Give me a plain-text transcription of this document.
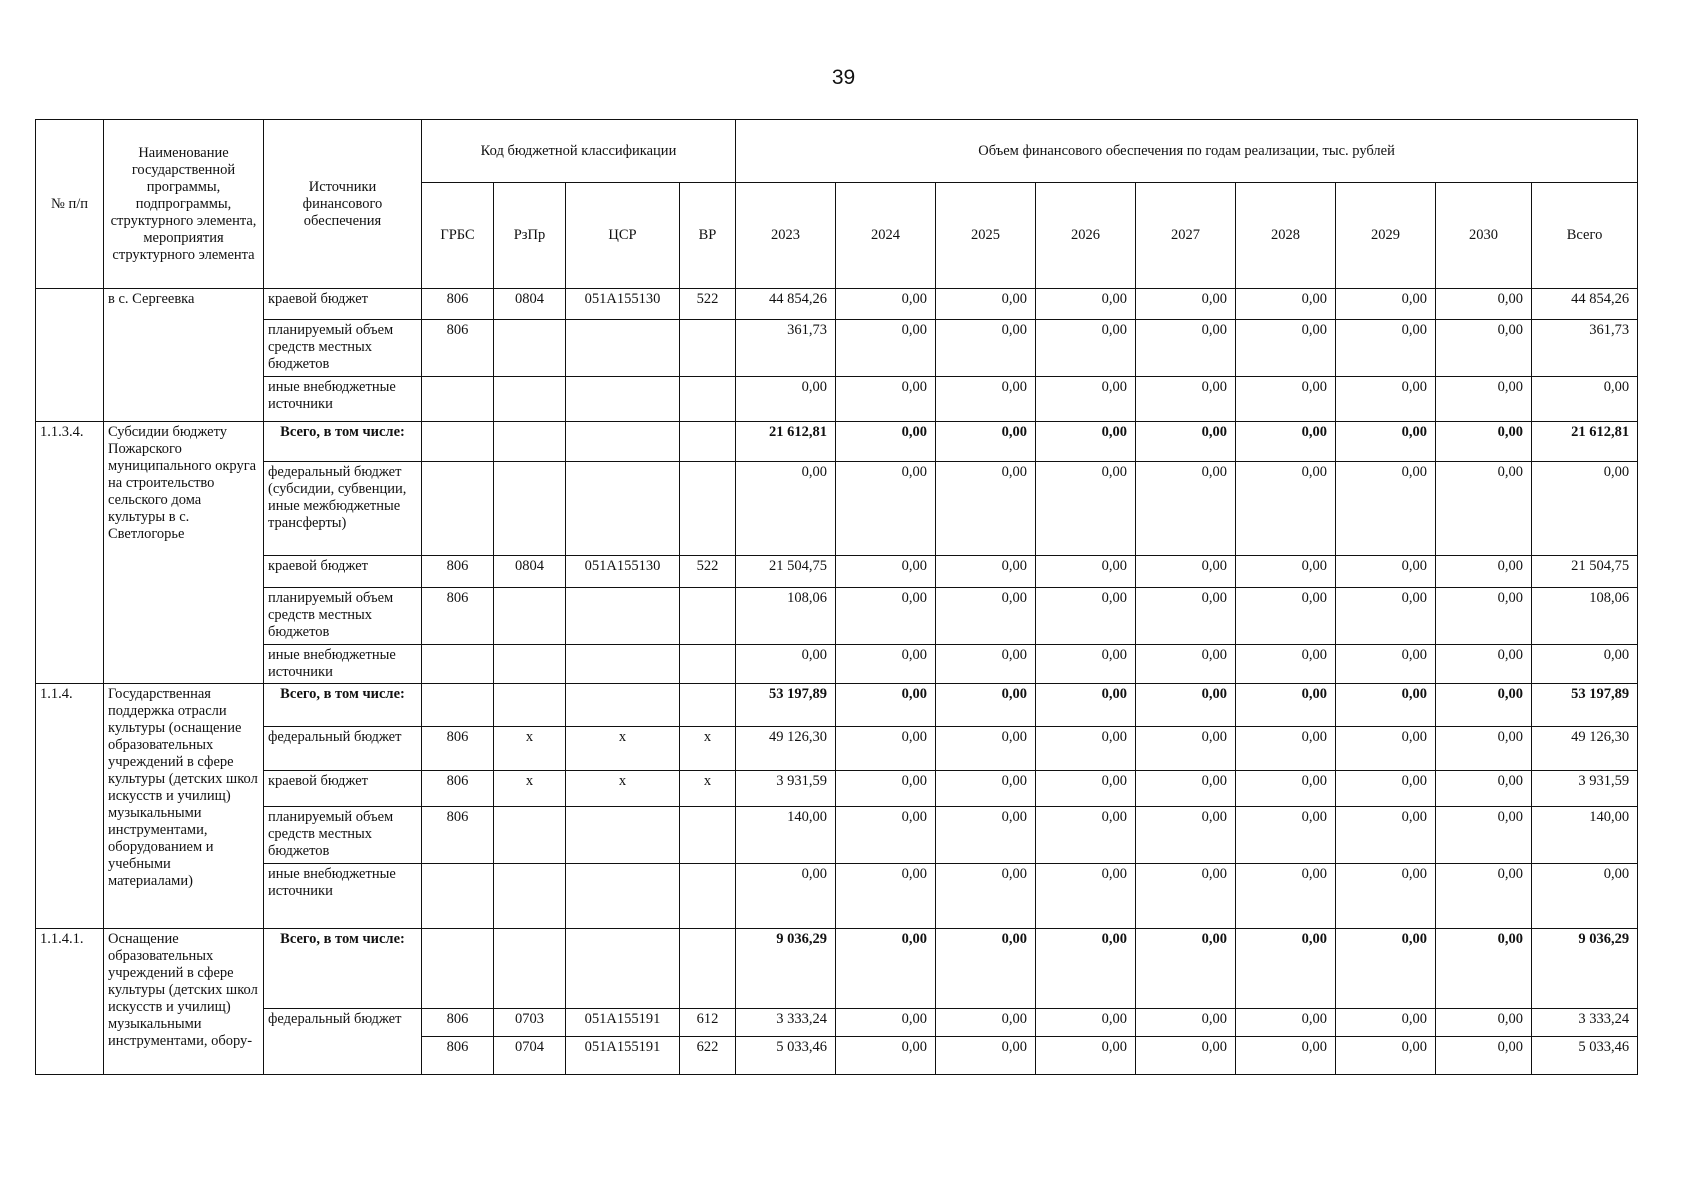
39
№ п/п	Наименование государственной программы, подпрограммы, структурного элемента, мероприятия структурного элемента	Источники финансового обеспечения	Код бюджетной классификации				Объем финансового обеспечения по годам реализации, тыс. рублей								
			ГРБС	РзПр	ЦСР	ВР	2023	2024	2025	2026	2027	2028	2029	2030	Всего
	в с. Сергеевка	краевой бюджет	806	0804	051A155130	522	44 854,26	0,00	0,00	0,00	0,00	0,00	0,00	0,00	44 854,26
		планируемый объем средств местных бюджетов	806				361,73	0,00	0,00	0,00	0,00	0,00	0,00	0,00	361,73
		иные внебюджетные источники					0,00	0,00	0,00	0,00	0,00	0,00	0,00	0,00	0,00
1.1.3.4.	Субсидии бюджету Пожарского муниципального округа на строительство сельского дома культуры в с. Светлогорье	Всего, в том числе:					21 612,81	0,00	0,00	0,00	0,00	0,00	0,00	0,00	21 612,81
		федеральный бюджет (субсидии, субвенции, иные межбюджетные трансферты)					0,00	0,00	0,00	0,00	0,00	0,00	0,00	0,00	0,00
		краевой бюджет	806	0804	051A155130	522	21 504,75	0,00	0,00	0,00	0,00	0,00	0,00	0,00	21 504,75
		планируемый объем средств местных бюджетов	806				108,06	0,00	0,00	0,00	0,00	0,00	0,00	0,00	108,06
		иные внебюджетные источники					0,00	0,00	0,00	0,00	0,00	0,00	0,00	0,00	0,00
1.1.4.	Государственная поддержка отрасли культуры (оснащение образовательных учреждений в сфере культуры (детских школ искусств и училищ) музыкальными инструментами, оборудованием и учебными материалами)	Всего, в том числе:					53 197,89	0,00	0,00	0,00	0,00	0,00	0,00	0,00	53 197,89
		федеральный бюджет	806	х	х	х	49 126,30	0,00	0,00	0,00	0,00	0,00	0,00	0,00	49 126,30
		краевой бюджет	806	х	х	х	3 931,59	0,00	0,00	0,00	0,00	0,00	0,00	0,00	3 931,59
		планируемый объем средств местных бюджетов	806				140,00	0,00	0,00	0,00	0,00	0,00	0,00	0,00	140,00
		иные внебюджетные источники					0,00	0,00	0,00	0,00	0,00	0,00	0,00	0,00	0,00
1.1.4.1.	Оснащение образовательных учреждений в сфере культуры (детских школ искусств и училищ) музыкальными инструментами, обору-	Всего, в том числе:					9 036,29	0,00	0,00	0,00	0,00	0,00	0,00	0,00	9 036,29
		федеральный бюджет	806	0703	051A155191	612	3 333,24	0,00	0,00	0,00	0,00	0,00	0,00	0,00	3 333,24
			806	0704	051A155191	622	5 033,46	0,00	0,00	0,00	0,00	0,00	0,00	0,00	5 033,46
